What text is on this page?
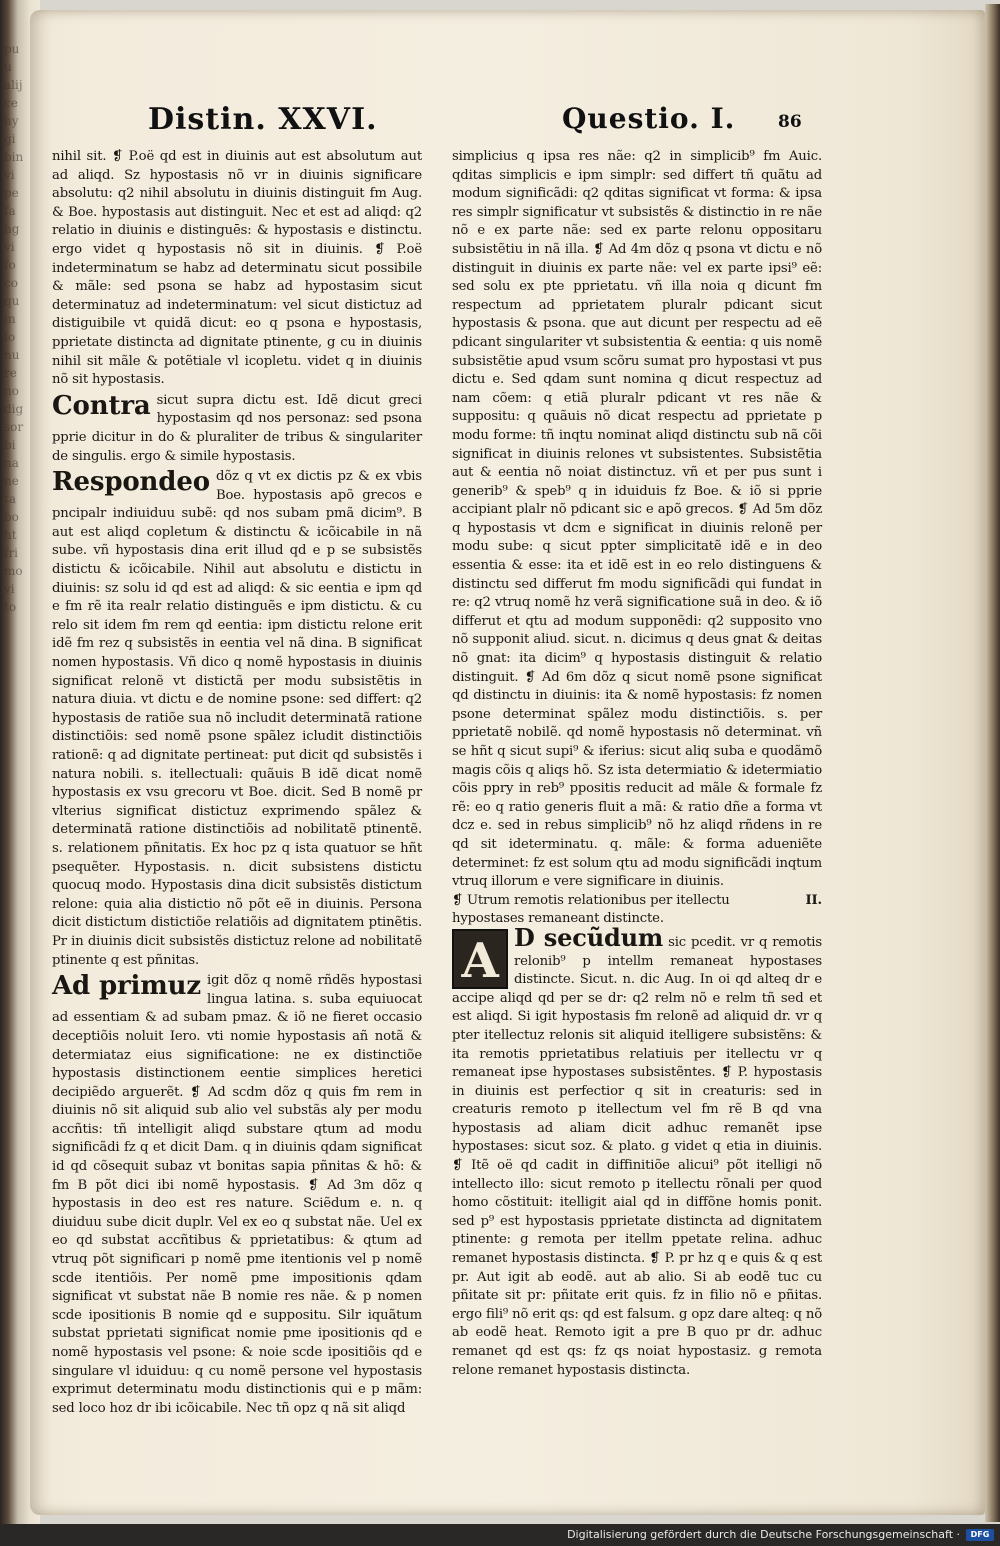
pu
u
alij
ce
hy
gi
bin
vi
pe
fa
hg
vi
fo
co
qu
in
lo
nu
re
no
dig
sor
bi
na
ne
ta
bo
ht
fri
mo
vi
to
Distin. XXVI.	Questio. I.	86

nihil sit. ❡ P.oë qd est in diuinis aut est absolutum aut ad aliqd. Sz hypostasis nõ vr in diuinis significare absolutu: q2 nihil absolutu in diuinis distinguit fm Aug. & Boe. hypostasis aut distinguit. Nec et est ad aliqd: q2 relatio in diuinis e distinguēs: & hypostasis e distinctu. ergo videt q hypostasis nõ sit in diuinis. ❡ P.oë indeterminatum se habz ad determinatu sicut possibile & mãle: sed psona se habz ad hypostasim sicut determinatuz ad indeterminatum: vel sicut distictuz ad distiguibile vt quidã dicut: eo q psona e hypostasis, pprietate distincta ad dignitate ptinente, g cu in diuinis nihil sit mãle & potẽtiale vl icopletu. videt q in diuinis nõ sit hypostasis.

Contra sicut supra dictu est. Idẽ dicut greci hypostasim qd nos personaz: sed psona pprie dicitur in do & pluraliter de tribus & singulariter de singulis. ergo & simile hypostasis.

Respondeo dõz q vt ex dictis pz & ex vbis Boe. hypostasis apõ grecos e pncipalr indiuiduu subẽ: qd nos subam pmã dicim⁹. B aut est aliqd copletum & distinctu & icõicabile in nã sube. vñ hypostasis dina erit illud qd e p se subsistẽs distictu & icõicabile. Nihil aut absolutu e distictu in diuinis: sz solu id qd est ad aliqd: & sic eentia e ipm qd e fm rẽ ita realr relatio distinguẽs e ipm distictu. & cu relo sit idem fm rem qd eentia: ipm distictu relone erit idẽ fm rez q subsistẽs in eentia vel nã dina. B significat nomen hypostasis. Vñ dico q nomẽ hypostasis in diuinis significat relonẽ vt distictã per modu subsistẽtis in natura diuia. vt dictu e de nomine psone: sed differt: q2 hypostasis de ratiõe sua nõ includit determinatã ratione distinctiõis: sed nomẽ psone spãlez icludit distinctiõis rationẽ: q ad dignitate pertineat: put dicit qd subsistẽs i natura nobili. s. itellectuali: quãuis B idẽ dicat nomẽ hypostasis ex vsu grecoru vt Boe. dicit. Sed B nomẽ pr vlterius significat distictuz exprimendo spãlez & determinatã ratione distinctiõis ad nobilitatẽ ptinentẽ. s. relationem pñnitatis. Ex hoc pz q ista quatuor se hñt psequẽter. Hypostasis. n. dicit subsistens distictu quocuq modo. Hypostasis dina dicit subsistẽs distictum relone: quia alia distictio nõ põt eẽ in diuinis. Persona dicit distictum distictiõe relatiõis ad dignitatem ptinẽtis. Pr in diuinis dicit subsistẽs distictuz relone ad nobilitatẽ ptinente q est pñnitas.

Ad primuz igit dõz q nomẽ rñdẽs hypostasi lingua latina. s. suba equiuocat ad essentiam & ad subam pmaz. & iõ ne fieret occasio deceptiõis noluit Iero. vti nomie hypostasis añ notã & determiataz eius significatione: ne ex distinctiõe hypostasis distinctionem eentie simplices heretici decipiẽdo arguerẽt. ❡ Ad scdm dõz q quis fm rem in diuinis nõ sit aliquid sub alio vel substãs aly per modu accñtis: tñ intelligit aliqd substare qtum ad modu significãdi fz q et dicit Dam. q in diuinis qdam significat id qd cõsequit subaz vt bonitas sapia pñnitas & hõ: & fm B põt dici ibi nomẽ hypostasis. ❡ Ad 3m dõz q hypostasis in deo est res nature. Sciẽdum e. n. q diuiduu sube dicit duplr. Vel ex eo q substat nãe. Uel ex eo qd substat accñtibus & pprietatibus: & qtum ad vtruq põt significari p nomẽ pme itentionis vel p nomẽ scde itentiõis. Per nomẽ pme impositionis qdam significat vt substat nãe B nomie res nãe. & p nomen scde ipositionis B nomie qd e suppositu. Silr iquãtum substat pprietati significat nomie pme ipositionis qd e nomẽ hypostasis vel psone: & noie scde ipositiõis qd e singulare vl iduiduu: q cu nomẽ persone vel hypostasis exprimut determinatu modu distinctionis qui e p mãm: sed loco hoz dr ibi icõicabile. Nec tñ opz q nã sit aliqd

simplicius q ipsa res nãe: q2 in simplicib⁹ fm Auic. qditas simplicis e ipm simplr: sed differt tñ quãtu ad modum significãdi: q2 qditas significat vt forma: & ipsa res simplr significatur vt subsistẽs & distinctio in re nãe nõ e ex parte nãe: sed ex parte relonu oppositaru subsistẽtiu in nã illa. ❡ Ad 4m dõz q psona vt dictu e nõ distinguit in diuinis ex parte nãe: vel ex parte ipsi⁹ eẽ: sed solu ex pte pprietatu. vñ illa noia q dicunt fm respectum ad pprietatem pluralr pdicant sicut hypostasis & psona. que aut dicunt per respectu ad eẽ pdicant singulariter vt subsistentia & eentia: q uis nomẽ subsistẽtie apud vsum scõru sumat pro hypostasi vt pus dictu e. Sed qdam sunt nomina q dicut respectuz ad nam cõem: q etiã pluralr pdicant vt res nãe & suppositu: q quãuis nõ dicat respectu ad pprietate p modu forme: tñ inqtu nominat aliqd distinctu sub nã cõi significat in diuinis relones vt subsistentes. Subsistẽtia aut & eentia nõ noiat distinctuz. vñ et per pus sunt i generib⁹ & speb⁹ q in iduiduis fz Boe. & iõ si pprie accipiant plalr nõ pdicant sic e apõ grecos. ❡ Ad 5m dõz q hypostasis vt dcm e significat in diuinis relonẽ per modu sube: q sicut ppter simplicitatẽ idẽ e in deo essentia & esse: ita et idẽ est in eo relo distinguens & distinctu sed differut fm modu significãdi qui fundat in re: q2 vtruq nomẽ hz verã significatione suã in deo. & iõ differut et qtu ad modum supponẽdi: q2 supposito vno nõ supponit aliud. sicut. n. dicimus q deus gnat & deitas nõ gnat: ita dicim⁹ q hypostasis distinguit & relatio distinguit. ❡ Ad 6m dõz q sicut nomẽ psone significat qd distinctu in diuinis: ita & nomẽ hypostasis: fz nomen psone determinat spãlez modu distinctiõis. s. per pprietatẽ nobilẽ. qd nomẽ hypostasis nõ determinat. vñ se hñt q sicut supi⁹ & iferius: sicut aliq suba e quodãmõ magis cõis q aliqs hõ. Sz ista determiatio & idetermiatio cõis ppry in reb⁹ ppositis reducit ad mãle & formale fz rẽ: eo q ratio generis fluit a mã: & ratio dñe a forma vt dcz e. sed in rebus simplicib⁹ nõ hz aliqd rñdens in re qd sit ideterminatu. q. mãle: & forma adueniẽte determinet: fz est solum qtu ad modu significãdi inqtum vtruq illorum e vere significare in diuinis.

II.
❡ Utrum remotis relationibus per itellectu hypostases remaneant distincte.

A D secũdum sic pcedit. vr q remotis relonib⁹ p intellm remaneat hypostases distincte. Sicut. n. dic Aug. In oi qd alteq dr e accipe aliqd qd per se dr: q2 relm nõ e relm tñ sed et est aliqd. Si igit hypostasis fm relonẽ ad aliquid dr. vr q pter itellectuz relonis sit aliquid itelligere subsistẽns: & ita remotis pprietatibus relatiuis per itellectu vr q remaneat ipse hypostases subsistẽntes. ❡ P. hypostasis in diuinis est perfectior q sit in creaturis: sed in creaturis remoto p itellectum vel fm rẽ B qd vna hypostasis ad aliam dicit adhuc remanẽt ipse hypostases: sicut soz. & plato. g videt q etia in diuinis. ❡ Itẽ oë qd cadit in diffinitiõe alicui⁹ põt itelligi nõ intellecto illo: sicut remoto p itellectu rõnali per quod homo cõstituit: itelligit aial qd in diffõne homis ponit. sed p⁹ est hypostasis pprietate distincta ad dignitatem ptinente: g remota per itellm ppetate relina. adhuc remanet hypostasis distincta. ❡ P. pr hz q e quis & q est pr. Aut igit ab eodẽ. aut ab alio. Si ab eodẽ tuc cu pñitate sit pr: pñitate erit quis. fz in filio nõ e pñitas. ergo fili⁹ nõ erit qs: qd est falsum. g opz dare alteq: q nõ ab eodẽ heat. Remoto igit a pre B quo pr dr. adhuc remanet qd est qs: fz qs noiat hypostasiz. g remota relone remanet hypostasis distincta.

Digitalisierung gefördert durch die Deutsche Forschungsgemeinschaft ·	DFG
